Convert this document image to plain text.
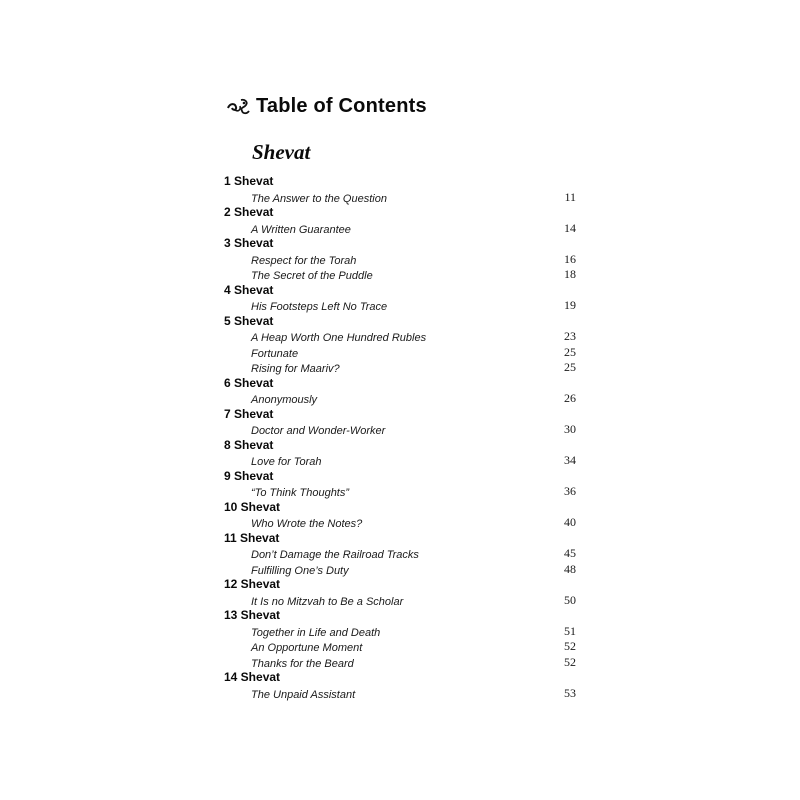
Table of Contents
Shevat
1 Shevat
The Answer to the Question	11
2 Shevat
A Written Guarantee	14
3 Shevat
Respect for the Torah	16
The Secret of the Puddle	18
4 Shevat
His Footsteps Left No Trace	19
5 Shevat
A Heap Worth One Hundred Rubles	23
Fortunate	25
Rising for Maariv?	25
6 Shevat
Anonymously	26
7 Shevat
Doctor and Wonder-Worker	30
8 Shevat
Love for Torah	34
9 Shevat
“To Think Thoughts”	36
10 Shevat
Who Wrote the Notes?	40
11 Shevat
Don’t Damage the Railroad Tracks	45
Fulfilling One’s Duty	48
12 Shevat
It Is no Mitzvah to Be a Scholar	50
13 Shevat
Together in Life and Death	51
An Opportune Moment	52
Thanks for the Beard	52
14 Shevat
The Unpaid Assistant	53
